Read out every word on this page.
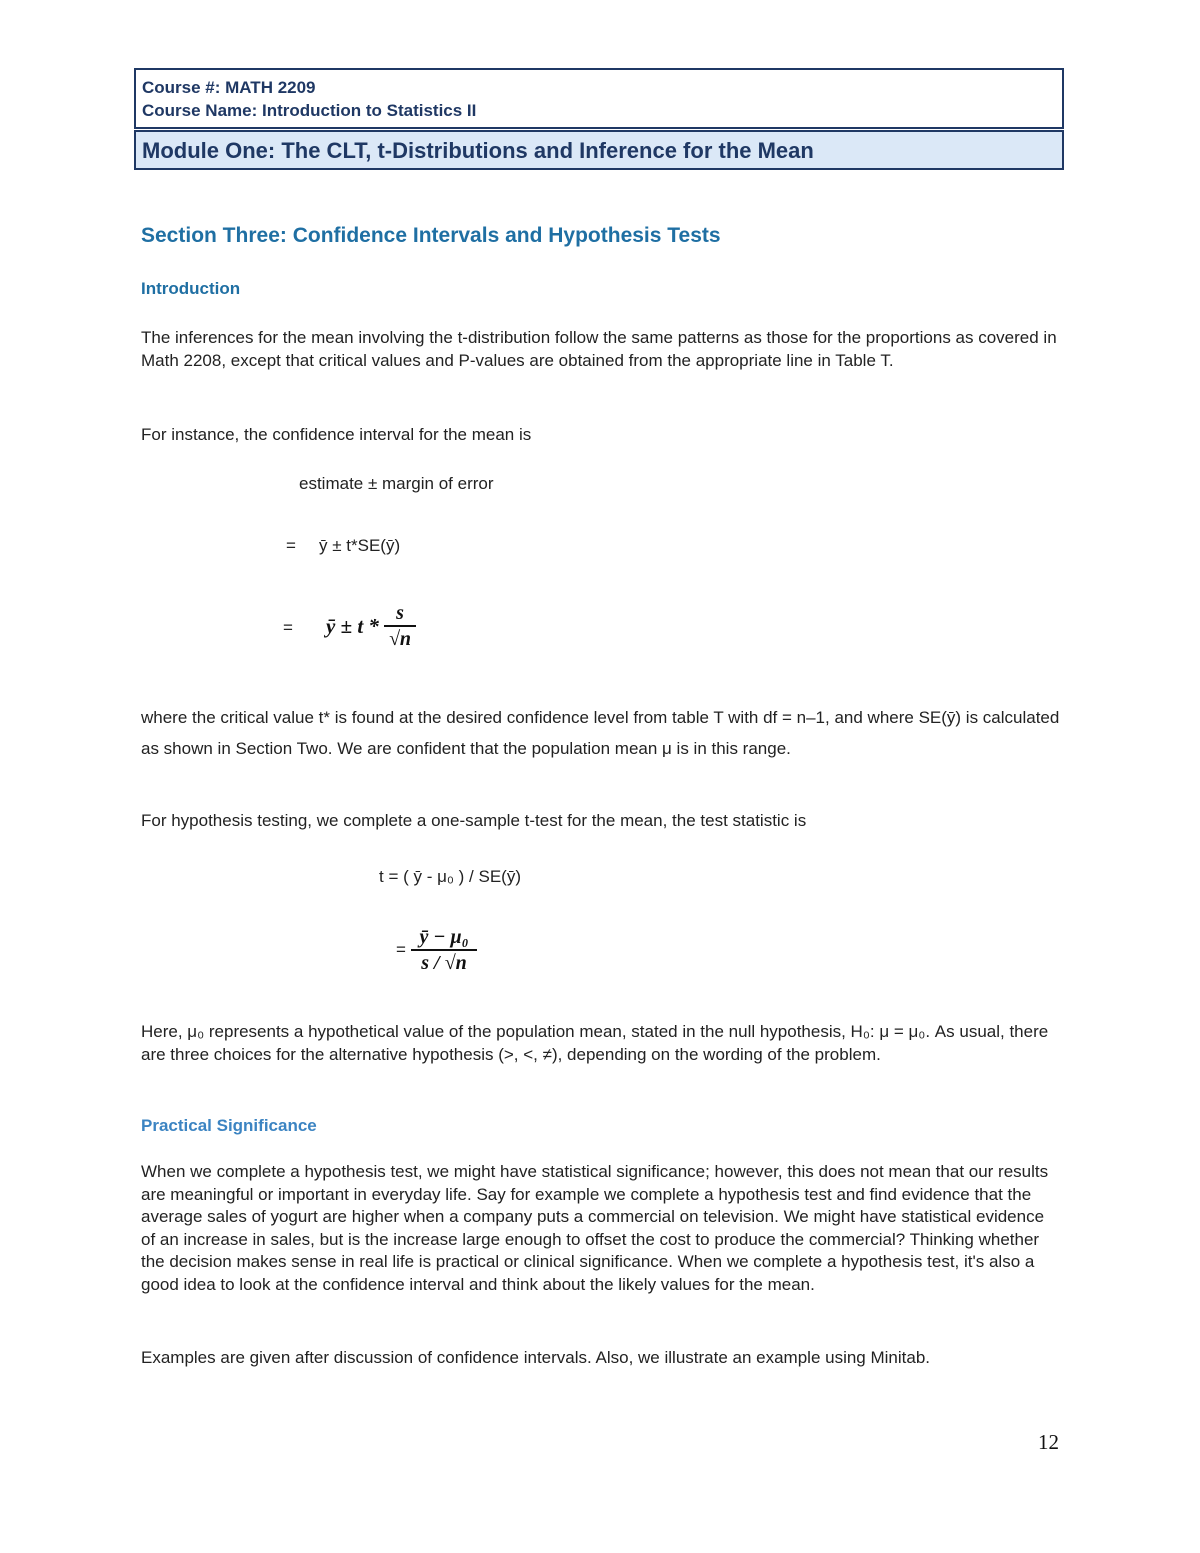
Course #: MATH 2209
Course Name: Introduction to Statistics II
Module One: The CLT, t-Distributions and Inference for the Mean
Section Three: Confidence Intervals and Hypothesis Tests
Introduction
The inferences for the mean involving the t-distribution follow the same patterns as those for the proportions as covered in Math 2208, except that critical values and P-values are obtained from the appropriate line in Table T.
For instance, the confidence interval for the mean is
estimate ± margin of error
= ȳ ± t*SE(ȳ)
= ȳ ± t *
s
√n
where the critical value t* is found at the desired confidence level from table T with df = n–1, and where SE(ȳ) is calculated as shown in Section Two. We are confident that the population mean μ is in this range.
For hypothesis testing, we complete a one-sample t-test for the mean, the test statistic is
t = ( ȳ - μ₀ ) / SE(ȳ)
=
ȳ − μ₀
s / √n
Here, μ₀ represents a hypothetical value of the population mean, stated in the null hypothesis, H₀: μ = μ₀. As usual, there are three choices for the alternative hypothesis (>, <, ≠), depending on the wording of the problem.
Practical Significance
When we complete a hypothesis test, we might have statistical significance; however, this does not mean that our results are meaningful or important in everyday life. Say for example we complete a hypothesis test and find evidence that the average sales of yogurt are higher when a company puts a commercial on television. We might have statistical evidence of an increase in sales, but is the increase large enough to offset the cost to produce the commercial? Thinking whether the decision makes sense in real life is practical or clinical significance. When we complete a hypothesis test, it's also a good idea to look at the confidence interval and think about the likely values for the mean.
Examples are given after discussion of confidence intervals. Also, we illustrate an example using Minitab.
12
